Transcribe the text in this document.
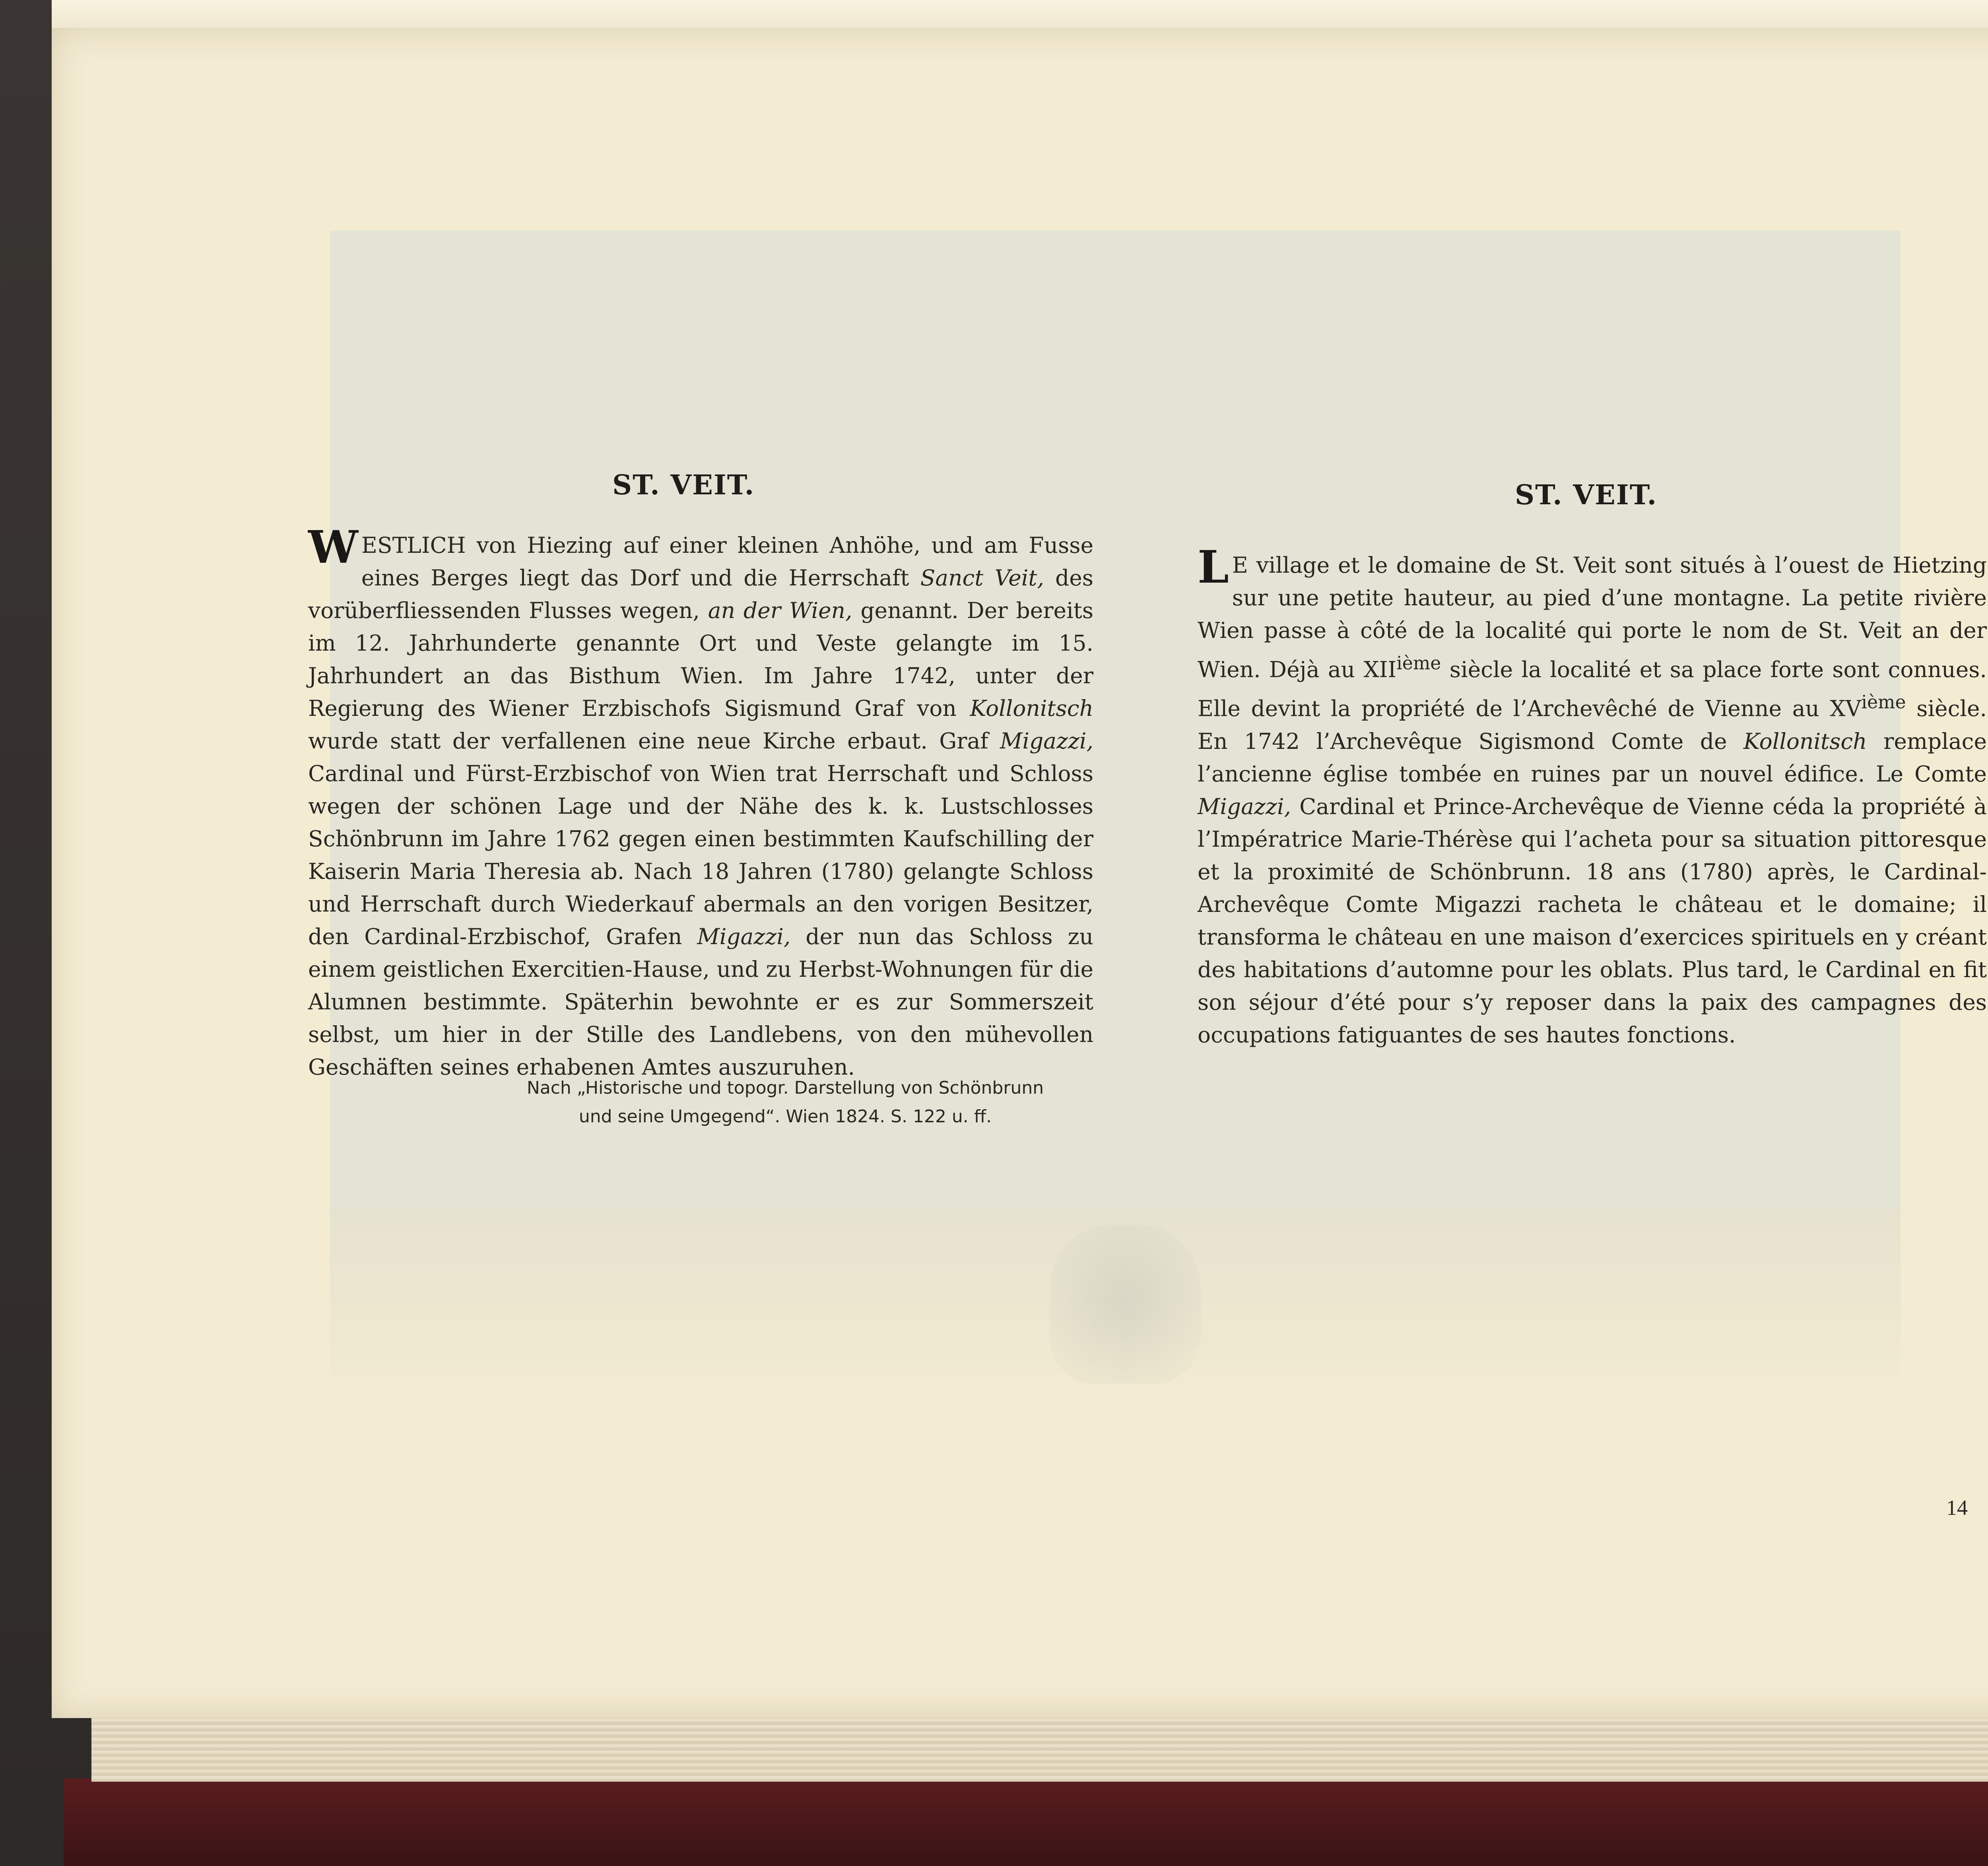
ST. VEIT.
WESTLICH von Hiezing auf einer kleinen Anhöhe, und am Fusse eines Berges liegt das Dorf und die Herrschaft Sanct Veit, des vorüberfliessenden Flusses wegen, an der Wien, genannt. Der bereits im 12. Jahrhunderte genannte Ort und Veste gelangte im 15. Jahrhundert an das Bisthum Wien. Im Jahre 1742, unter der Regierung des Wiener Erzbischofs Sigismund Graf von Kollonitsch wurde statt der verfallenen eine neue Kirche erbaut. Graf Migazzi, Cardinal und Fürst-Erzbischof von Wien trat Herrschaft und Schloss wegen der schönen Lage und der Nähe des k. k. Lustschlosses Schönbrunn im Jahre 1762 gegen einen bestimmten Kaufschilling der Kaiserin Maria Theresia ab. Nach 18 Jahren (1780) gelangte Schloss und Herrschaft durch Wiederkauf abermals an den vorigen Besitzer, den Cardinal-Erzbischof, Grafen Migazzi, der nun das Schloss zu einem geistlichen Exercitien-Hause, und zu Herbst-Wohnungen für die Alumnen bestimmte. Späterhin bewohnte er es zur Sommerszeit selbst, um hier in der Stille des Landlebens, von den mühevollen Geschäften seines erhabenen Amtes auszuruhen.
Nach „Historische und topogr. Darstellung von Schönbrunn
und seine Umgegend“. Wien 1824. S. 122 u. ff.
ST. VEIT.
L E village et le domaine de St. Veit sont situés à l’ouest de Hietzing sur une petite hauteur, au pied d’une montagne. La petite rivière Wien passe à côté de la localité qui porte le nom de St. Veit an der Wien. Déjà au XIIième siècle la localité et sa place forte sont connues. Elle devint la propriété de l’Archevêché de Vienne au XVième siècle. En 1742 l’Archevêque Sigismond Comte de Kollonitsch remplace l’ancienne église tombée en ruines par un nouvel édifice. Le Comte Migazzi, Cardinal et Prince-Archevêque de Vienne céda la propriété à l’Impératrice Marie-Thérèse qui l’acheta pour sa situation pittoresque et la proximité de Schönbrunn. 18 ans (1780) après, le Cardinal-Archevêque Comte Migazzi racheta le château et le domaine; il transforma le château en une maison d’exercices spirituels en y créant des habitations d’automne pour les oblats. Plus tard, le Cardinal en fit son séjour d’été pour s’y reposer dans la paix des campagnes des occupations fatiguantes de ses hautes fonctions.
14
